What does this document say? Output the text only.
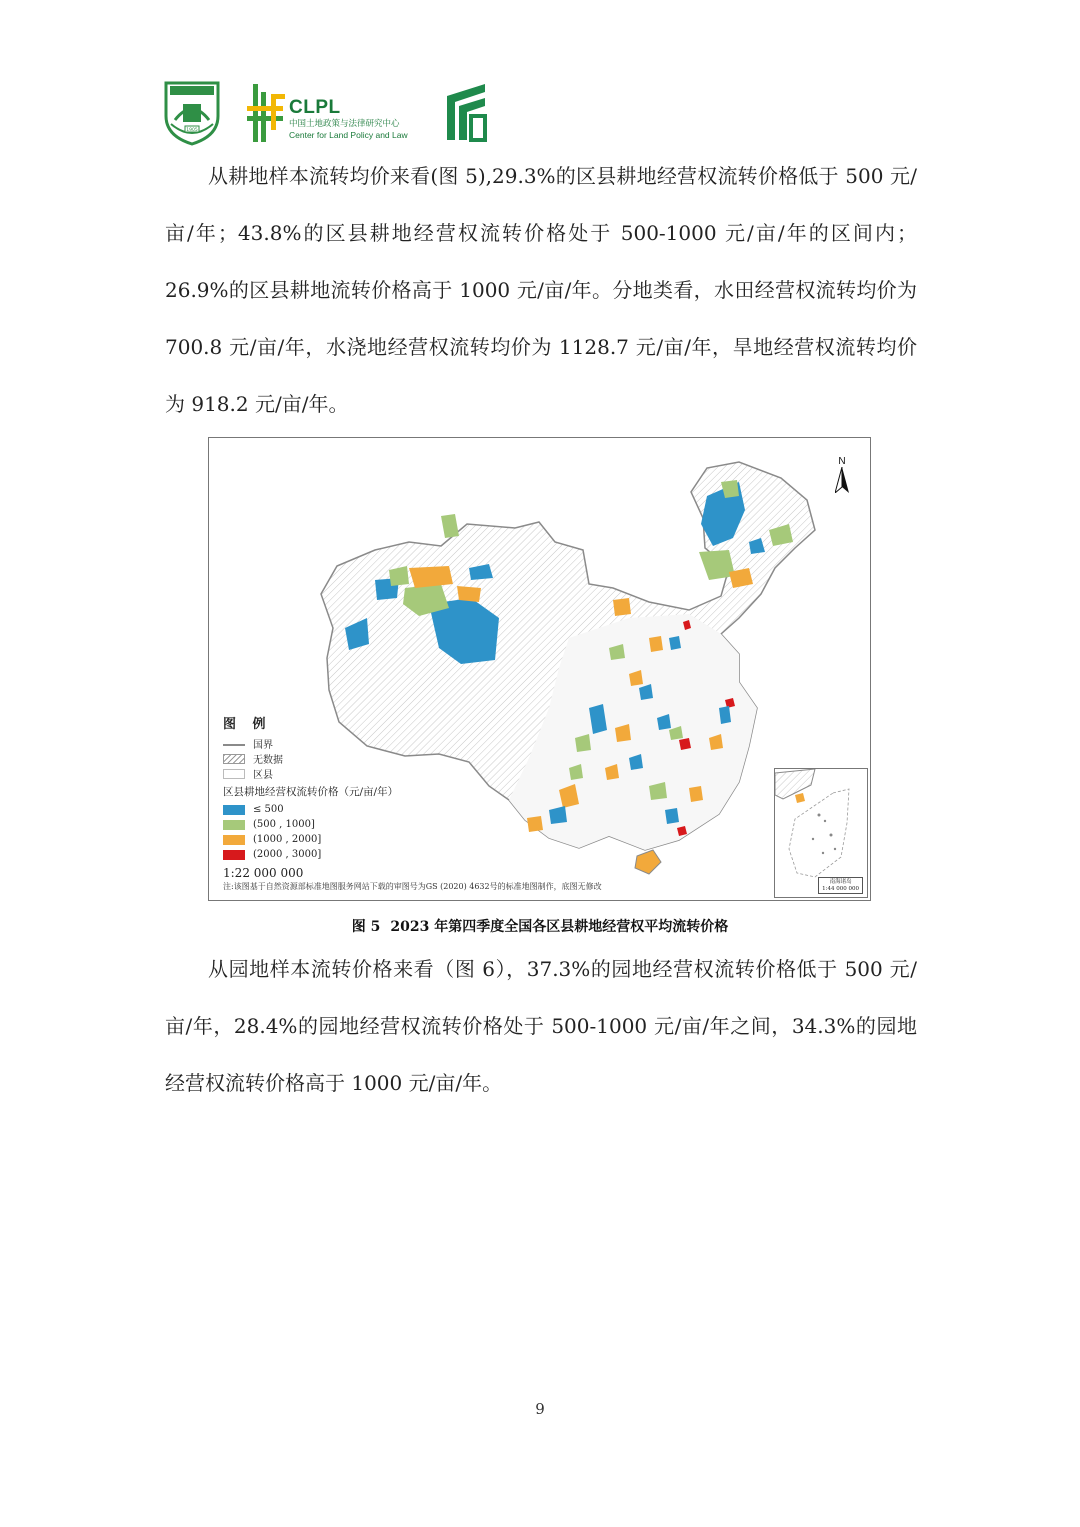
1905
CLPL
中国土地政策与法律研究中心
Center for Land Policy and Law

从耕地样本流转均价来看(图 5),29.3%的区县耕地经营权流转价格低于 500 元/亩/年；43.8%的区县耕地经营权流转价格处于 500-1000 元/亩/年的区间内；26.9%的区县耕地流转价格高于 1000 元/亩/年。分地类看，水田经营权流转均价为 700.8 元/亩/年，水浇地经营权流转均价为 1128.7 元/亩/年，旱地经营权流转均价为 918.2 元/亩/年。

N
图 例
国界
无数据
区县
区县耕地经营权流转价格（元/亩/年）
≤ 500
(500 , 1000]
(1000 , 2000]
(2000 , 3000]
1:22 000 000
注:该图基于自然资源部标准地图服务网站下载的审图号为GS (2020) 4632号的标准地图制作，底图无修改	南海诸岛
1:44 000 000
图 5 2023 年第四季度全国各区县耕地经营权平均流转价格

从园地样本流转价格来看（图 6），37.3%的园地经营权流转价格低于 500 元/亩/年，28.4%的园地经营权流转价格处于 500-1000 元/亩/年之间，34.3%的园地经营权流转价格高于 1000 元/亩/年。

9
